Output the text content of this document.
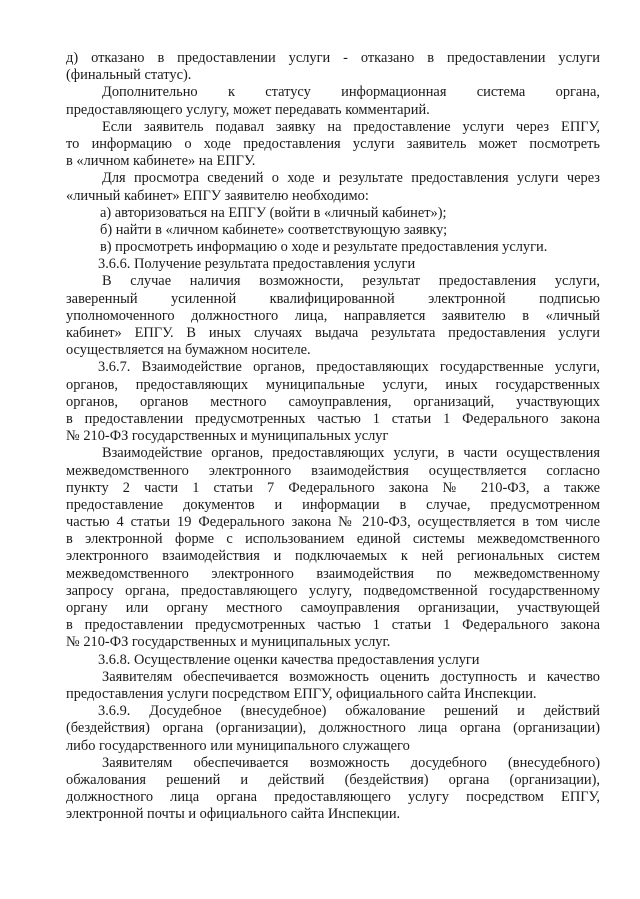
д) отказано в предоставлении услуги - отказано в предоставлении услуги
(финальный статус).
Дополнительно к статусу информационная система органа,
предоставляющего услугу, может передавать комментарий.
Если заявитель подавал заявку на предоставление услуги через ЕПГУ,
то информацию о ходе предоставления услуги заявитель может посмотреть
в «личном кабинете» на ЕПГУ.
Для просмотра сведений о ходе и результате предоставления услуги через
«личный кабинет» ЕПГУ заявителю необходимо:
а) авторизоваться на ЕПГУ (войти в «личный кабинет»);
б) найти в «личном кабинете» соответствующую заявку;
в) просмотреть информацию о ходе и результате предоставления услуги.
3.6.6. Получение результата предоставления услуги
В случае наличия возможности, результат предоставления услуги,
заверенный усиленной квалифицированной электронной подписью
уполномоченного должностного лица, направляется заявителю в «личный
кабинет» ЕПГУ. В иных случаях выдача результата предоставления услуги
осуществляется на бумажном носителе.
3.6.7. Взаимодействие органов, предоставляющих государственные услуги,
органов, предоставляющих муниципальные услуги, иных государственных
органов, органов местного самоуправления, организаций, участвующих
в предоставлении предусмотренных частью 1 статьи 1 Федерального закона
№ 210-ФЗ государственных и муниципальных услуг
Взаимодействие органов, предоставляющих услуги, в части осуществления
межведомственного электронного взаимодействия осуществляется согласно
пункту 2 части 1 статьи 7 Федерального закона № 210-ФЗ, а также
предоставление документов и информации в случае, предусмотренном
частью 4 статьи 19 Федерального закона № 210-ФЗ, осуществляется в том числе
в электронной форме с использованием единой системы межведомственного
электронного взаимодействия и подключаемых к ней региональных систем
межведомственного электронного взаимодействия по межведомственному
запросу органа, предоставляющего услугу, подведомственной государственному
органу или органу местного самоуправления организации, участвующей
в предоставлении предусмотренных частью 1 статьи 1 Федерального закона
№ 210-ФЗ государственных и муниципальных услуг.
3.6.8. Осуществление оценки качества предоставления услуги
Заявителям обеспечивается возможность оценить доступность и качество
предоставления услуги посредством ЕПГУ, официального сайта Инспекции.
3.6.9. Досудебное (внесудебное) обжалование решений и действий
(бездействия) органа (организации), должностного лица органа (организации)
либо государственного или муниципального служащего
Заявителям обеспечивается возможность досудебного (внесудебного)
обжалования решений и действий (бездействия) органа (организации),
должностного лица органа предоставляющего услугу посредством ЕПГУ,
электронной почты и официального сайта Инспекции.
